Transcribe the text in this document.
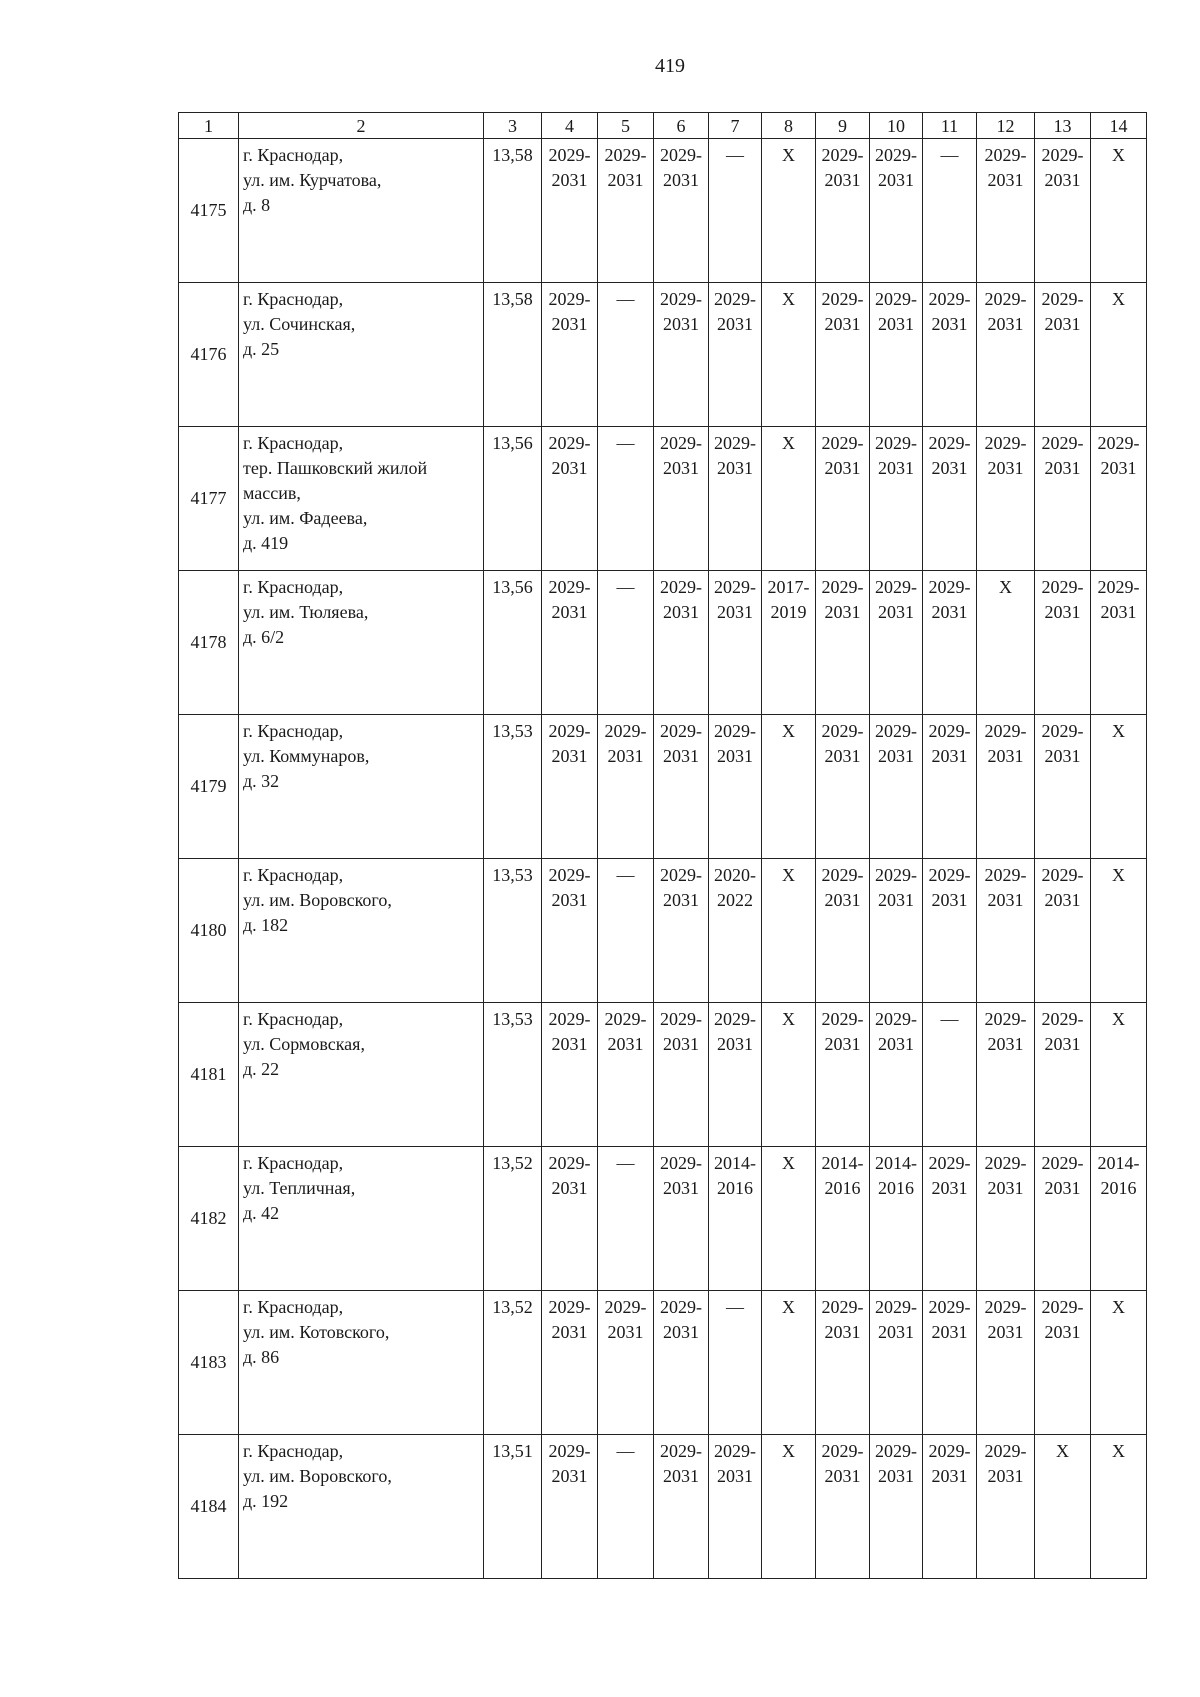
419
1	2	3	4	5	6	7	8	9	10	11	12	13	14
4175	г. Краснодар,
ул. им. Курчатова,
д. 8	13,58	2029-
2031	2029-
2031	2029-
2031	—	X	2029-
2031	2029-
2031	—	2029-
2031	2029-
2031	X

4176	г. Краснодар,
ул. Сочинская,
д. 25	13,58	2029-
2031	—	2029-
2031	2029-
2031	X	2029-
2031	2029-
2031	2029-
2031	2029-
2031	2029-
2031	X

4177	г. Краснодар,
тер. Пашковский жилой
массив,
ул. им. Фадеева,
д. 419	13,56	2029-
2031	—	2029-
2031	2029-
2031	X	2029-
2031	2029-
2031	2029-
2031	2029-
2031	2029-
2031	2029-
2031

4178	г. Краснодар,
ул. им. Тюляева,
д. 6/2	13,56	2029-
2031	—	2029-
2031	2029-
2031	2017-
2019	2029-
2031	2029-
2031	2029-
2031	X	2029-
2031	2029-
2031

4179	г. Краснодар,
ул. Коммунаров,
д. 32	13,53	2029-
2031	2029-
2031	2029-
2031	2029-
2031	X	2029-
2031	2029-
2031	2029-
2031	2029-
2031	2029-
2031	X

4180	г. Краснодар,
ул. им. Воровского,
д. 182	13,53	2029-
2031	—	2029-
2031	2020-
2022	X	2029-
2031	2029-
2031	2029-
2031	2029-
2031	2029-
2031	X

4181	г. Краснодар,
ул. Сормовская,
д. 22	13,53	2029-
2031	2029-
2031	2029-
2031	2029-
2031	X	2029-
2031	2029-
2031	—	2029-
2031	2029-
2031	X

4182	г. Краснодар,
ул. Тепличная,
д. 42	13,52	2029-
2031	—	2029-
2031	2014-
2016	X	2014-
2016	2014-
2016	2029-
2031	2029-
2031	2029-
2031	2014-
2016

4183	г. Краснодар,
ул. им. Котовского,
д. 86	13,52	2029-
2031	2029-
2031	2029-
2031	—	X	2029-
2031	2029-
2031	2029-
2031	2029-
2031	2029-
2031	X

4184	г. Краснодар,
ул. им. Воровского,
д. 192	13,51	2029-
2031	—	2029-
2031	2029-
2031	X	2029-
2031	2029-
2031	2029-
2031	2029-
2031	X	X
